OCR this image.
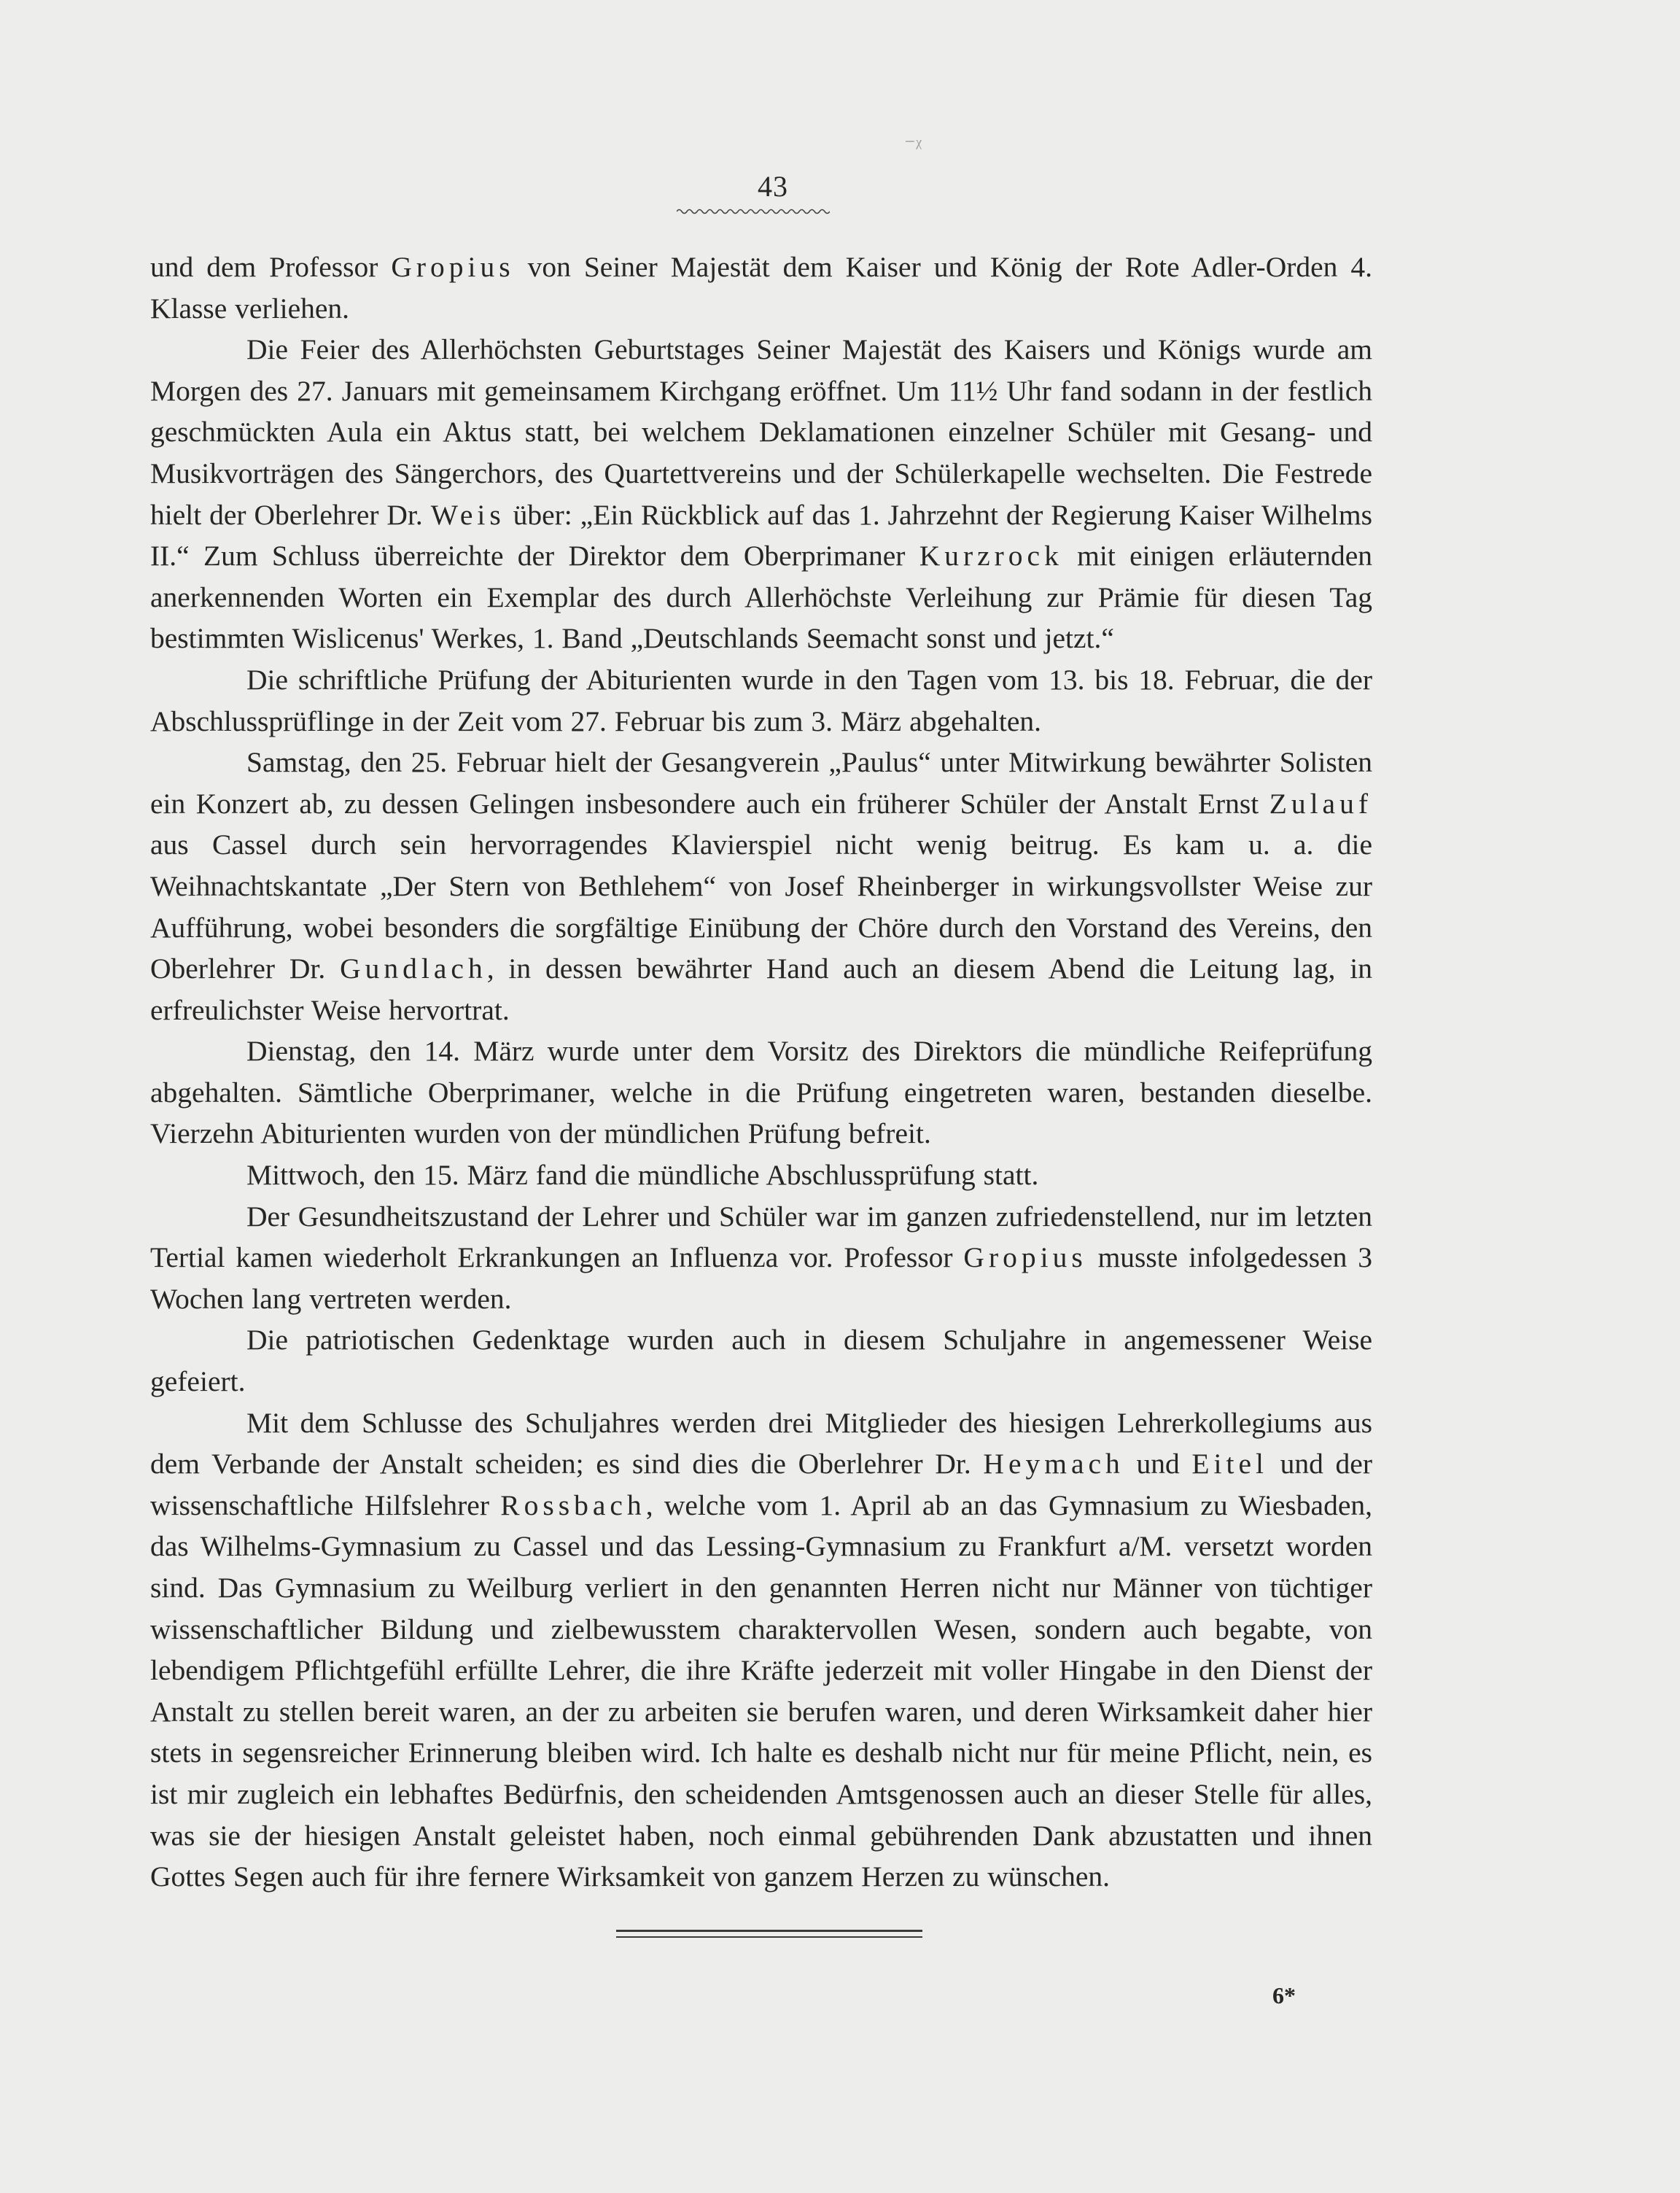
⁻ᵡ
43

und dem Professor Gropius von Seiner Majestät dem Kaiser und König der Rote Adler-Orden 4. Klasse verliehen.

Die Feier des Allerhöchsten Geburtstages Seiner Majestät des Kaisers und Königs wurde am Morgen des 27. Januars mit gemeinsamem Kirchgang eröffnet. Um 11½ Uhr fand sodann in der festlich geschmückten Aula ein Aktus statt, bei welchem Deklamationen einzelner Schüler mit Gesang- und Musikvorträgen des Sängerchors, des Quartettvereins und der Schülerkapelle wechselten. Die Festrede hielt der Oberlehrer Dr. Weis über: „Ein Rückblick auf das 1. Jahrzehnt der Regierung Kaiser Wilhelms II.“ Zum Schluss überreichte der Direktor dem Oberprimaner Kurzrock mit einigen erläuternden anerkennenden Worten ein Exemplar des durch Allerhöchste Verleihung zur Prämie für diesen Tag bestimmten Wislicenus' Werkes, 1. Band „Deutschlands Seemacht sonst und jetzt.“

Die schriftliche Prüfung der Abiturienten wurde in den Tagen vom 13. bis 18. Februar, die der Abschlussprüflinge in der Zeit vom 27. Februar bis zum 3. März abgehalten.

Samstag, den 25. Februar hielt der Gesangverein „Paulus“ unter Mitwirkung bewährter Solisten ein Konzert ab, zu dessen Gelingen insbesondere auch ein früherer Schüler der Anstalt Ernst Zulauf aus Cassel durch sein hervorragendes Klavierspiel nicht wenig beitrug. Es kam u. a. die Weihnachtskantate „Der Stern von Bethlehem“ von Josef Rheinberger in wirkungsvollster Weise zur Aufführung, wobei besonders die sorgfältige Einübung der Chöre durch den Vorstand des Vereins, den Oberlehrer Dr. Gundlach, in dessen bewährter Hand auch an diesem Abend die Leitung lag, in erfreulichster Weise hervortrat.

Dienstag, den 14. März wurde unter dem Vorsitz des Direktors die mündliche Reifeprüfung abgehalten. Sämtliche Oberprimaner, welche in die Prüfung eingetreten waren, bestanden dieselbe. Vierzehn Abiturienten wurden von der mündlichen Prüfung befreit.

Mittwoch, den 15. März fand die mündliche Abschlussprüfung statt.

Der Gesundheitszustand der Lehrer und Schüler war im ganzen zufriedenstellend, nur im letzten Tertial kamen wiederholt Erkrankungen an Influenza vor. Professor Gropius musste infolgedessen 3 Wochen lang vertreten werden.

Die patriotischen Gedenktage wurden auch in diesem Schuljahre in angemessener Weise gefeiert.

Mit dem Schlusse des Schuljahres werden drei Mitglieder des hiesigen Lehrerkollegiums aus dem Verbande der Anstalt scheiden; es sind dies die Oberlehrer Dr. Heymach und Eitel und der wissenschaftliche Hilfslehrer Rossbach, welche vom 1. April ab an das Gymnasium zu Wiesbaden, das Wilhelms-Gymnasium zu Cassel und das Lessing-Gymnasium zu Frankfurt a/M. versetzt worden sind. Das Gymnasium zu Weilburg verliert in den genannten Herren nicht nur Männer von tüchtiger wissenschaftlicher Bildung und zielbewusstem charaktervollen Wesen, sondern auch begabte, von lebendigem Pflichtgefühl erfüllte Lehrer, die ihre Kräfte jederzeit mit voller Hingabe in den Dienst der Anstalt zu stellen bereit waren, an der zu arbeiten sie berufen waren, und deren Wirksamkeit daher hier stets in segensreicher Erinnerung bleiben wird. Ich halte es deshalb nicht nur für meine Pflicht, nein, es ist mir zugleich ein lebhaftes Bedürfnis, den scheidenden Amtsgenossen auch an dieser Stelle für alles, was sie der hiesigen Anstalt geleistet haben, noch einmal gebührenden Dank abzustatten und ihnen Gottes Segen auch für ihre fernere Wirksamkeit von ganzem Herzen zu wünschen.

6*
